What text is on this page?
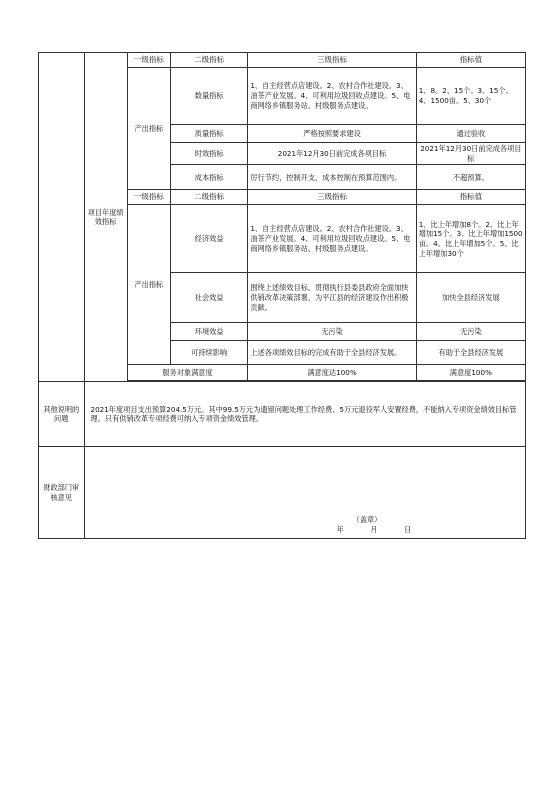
	项目年度绩效指标	一级指标	二级指标	三级指标	指标值
		产出指标	数量指标	1、自主经营点店建设。2、农村合作社建设。3、油茶产业发展。4、可利用垃圾回收点建设。5、电商网络乡镇服务站、村级服务点建设。	1、8。2、15个。3、15个。4、1500亩。5、30个
			质量指标	严格按照要求建设	通过验收
			时效指标	2021年12月30日前完成各项目标	2021年12月30日前完成各项目标
			成本指标	厉行节约，控制开支，成本控制在预算范围内。	不超预算。
		一级指标	二级指标	三级指标	指标值
		产出指标	经济效益	1、自主经营点店建设。2、农村合作社建设。3、油茶产业发展。4、可利用垃圾回收点建设。5、电商网络乡镇服务站、村级服务点建设。	1、比上年增加8个。2、比上年增加15个。3、比上年增加1500亩。4、比上年增加5个。5、比上年增加30个
			社会效益	围绕上述绩效目标、贯彻执行县委县政府全面加快供销改革决策部署，为平江县的经济建设作出积极贡献。	加快全县经济发展
			环境效益	无污染	无污染
			可持续影响	上述各项绩效目标的完成有助于全县经济发展。	有助于全县经济发展
		服务对象满意度		满意度达100%	满意度100%

其他说明的问题	2021年度项目支出预算204.5万元。其中99.5万元为遗留问题处理工作经费、5万元退役军人安置经费，不能纳入专项资金绩效目标管理。只有供销改革专项经费可纳入专项资金绩效管理。				
财政部门审核意见	（盖章）
年 月 日				
